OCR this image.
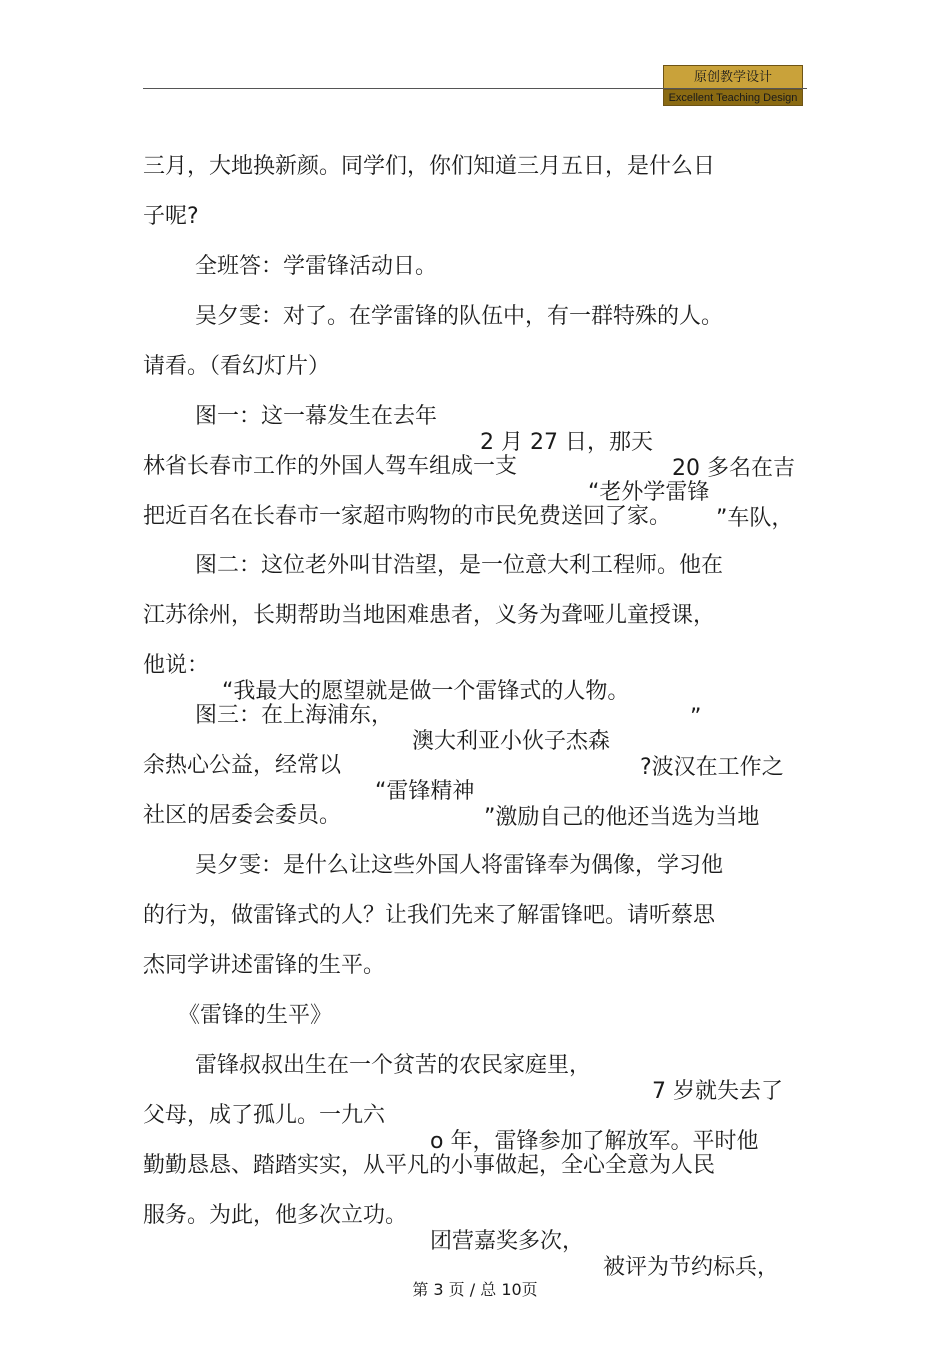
原创教学设计
Excellent Teaching Design

三月，大地换新颜。同学们，你们知道三月五日，是什么日

子呢?

全班答：学雷锋活动日。

吴夕雯：对了。在学雷锋的队伍中，有一群特殊的人。

请看。（看幻灯片）

图一：这一幕发生在去年

2 月 27 日，那天

20 多名在吉

林省长春市工作的外国人驾车组成一支

“老外学雷锋

”车队，

把近百名在长春市一家超市购物的市民免费送回了家。

图二：这位老外叫甘浩望，是一位意大利工程师。他在

江苏徐州，长期帮助当地困难患者，义务为聋哑儿童授课，

他说：

“我最大的愿望就是做一个雷锋式的人物。

”

图三：在上海浦东，

澳大利亚小伙子杰森

?波汉在工作之

余热心公益，经常以

“雷锋精神

”激励自己的他还当选为当地

社区的居委会委员。

吴夕雯：是什么让这些外国人将雷锋奉为偶像，学习他

的行为，做雷锋式的人？让我们先来了解雷锋吧。请听蔡思

杰同学讲述雷锋的生平。

《雷锋的生平》

雷锋叔叔出生在一个贫苦的农民家庭里，

7 岁就失去了

父母，成了孤儿。一九六

o 年，雷锋参加了解放军。平时他

勤勤恳恳、踏踏实实，从平凡的小事做起，全心全意为人民

服务。为此，他多次立功。

团营嘉奖多次，

被评为节约标兵，

第 3 页 / 总 10页
